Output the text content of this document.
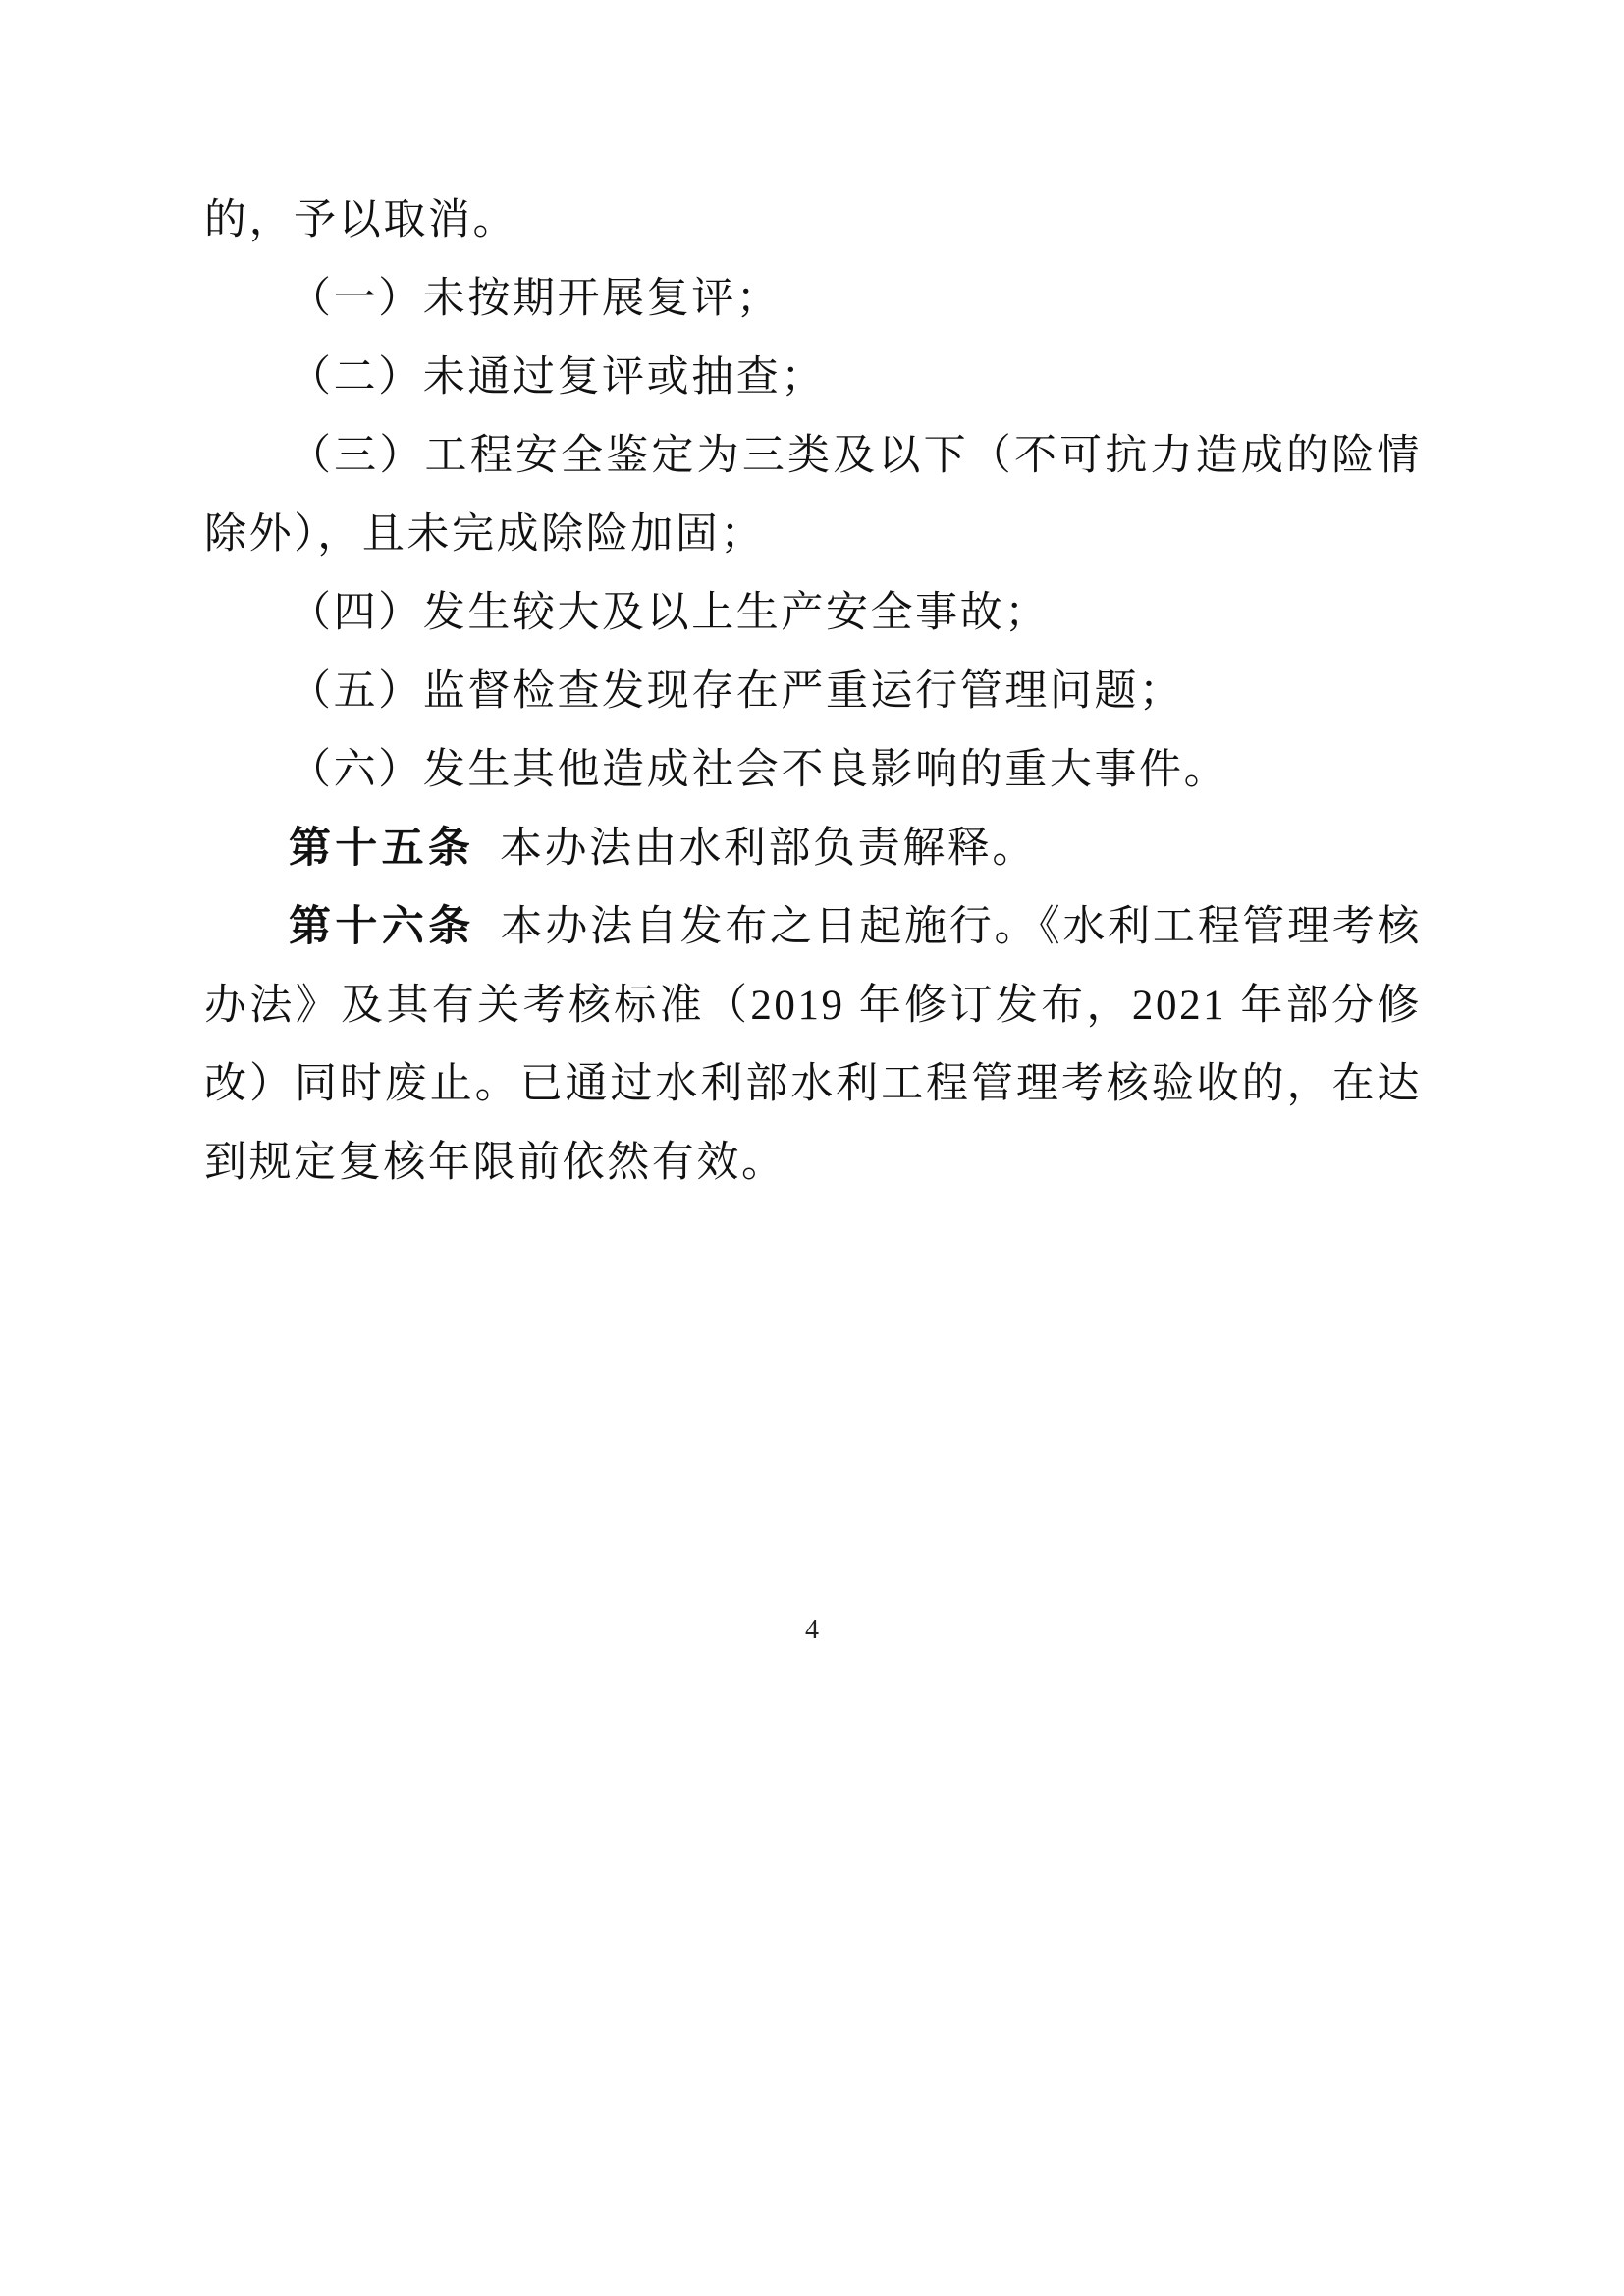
的，予以取消。

（一）未按期开展复评；

（二）未通过复评或抽查；

（三）工程安全鉴定为三类及以下（不可抗力造成的险情除外），且未完成除险加固；

（四）发生较大及以上生产安全事故；

（五）监督检查发现存在严重运行管理问题；

（六）发生其他造成社会不良影响的重大事件。

第十五条 本办法由水利部负责解释。

第十六条 本办法自发布之日起施行。《水利工程管理考核办法》及其有关考核标准（2019 年修订发布，2021 年部分修改）同时废止。已通过水利部水利工程管理考核验收的，在达到规定复核年限前依然有效。

4
